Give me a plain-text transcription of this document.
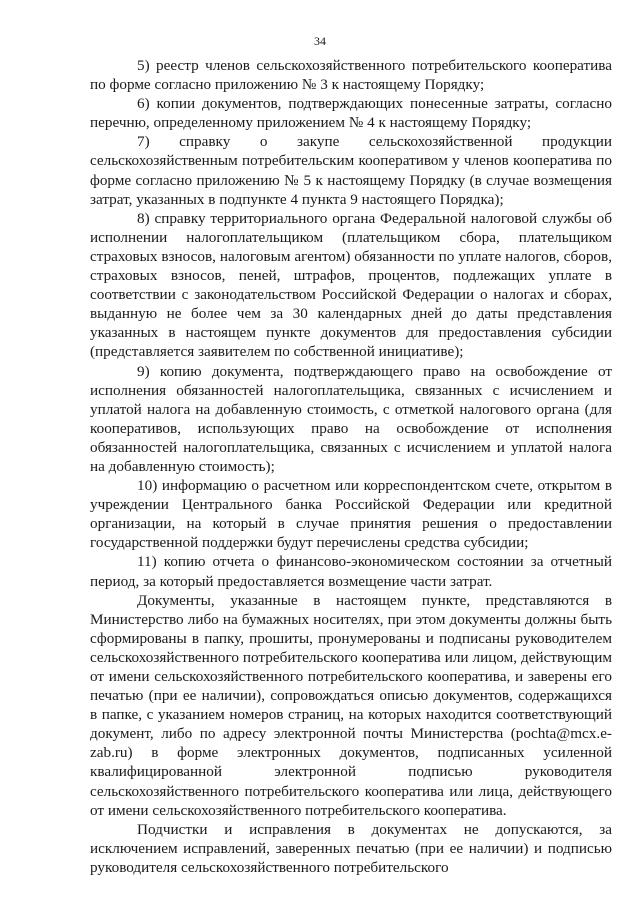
34

5) реестр членов сельскохозяйственного потребительского кооператива по форме согласно приложению № 3 к настоящему Порядку;

6) копии документов, подтверждающих понесенные затраты, согласно перечню, определенному приложением № 4 к настоящему Порядку;

7) справку о закупе сельскохозяйственной продукции сельскохозяйственным потребительским кооперативом у членов кооператива по форме согласно приложению № 5 к настоящему Порядку (в случае возмещения затрат, указанных в подпункте 4 пункта 9 настоящего Порядка);

8) справку территориального органа Федеральной налоговой службы об исполнении налогоплательщиком (плательщиком сбора, плательщиком страховых взносов, налоговым агентом) обязанности по уплате налогов, сборов, страховых взносов, пеней, штрафов, процентов, подлежащих уплате в соответствии с законодательством Российской Федерации о налогах и сборах, выданную не более чем за 30 календарных дней до даты представления указанных в настоящем пункте документов для предоставления субсидии (представляется заявителем по собственной инициативе);

9) копию документа, подтверждающего право на освобождение от исполнения обязанностей налогоплательщика, связанных с исчислением и уплатой налога на добавленную стоимость, с отметкой налогового органа (для кооперативов, использующих право на освобождение от исполнения обязанностей налогоплательщика, связанных с исчислением и уплатой налога на добавленную стоимость);

10) информацию о расчетном или корреспондентском счете, открытом в учреждении Центрального банка Российской Федерации или кредитной организации, на который в случае принятия решения о предоставлении государственной поддержки будут перечислены средства субсидии;

11) копию отчета о финансово-экономическом состоянии за отчетный период, за который предоставляется возмещение части затрат.

Документы, указанные в настоящем пункте, представляются в Министерство либо на бумажных носителях, при этом документы должны быть сформированы в папку, прошиты, пронумерованы и подписаны руководителем сельскохозяйственного потребительского кооператива или лицом, действующим от имени сельскохозяйственного потребительского кооператива, и заверены его печатью (при ее наличии), сопровождаться описью документов, содержащихся в папке, с указанием номеров страниц, на которых находится соответствующий документ, либо по адресу электронной почты Министерства (pochta@mcx.e-zab.ru) в форме электронных документов, подписанных усиленной квалифицированной электронной подписью руководителя сельскохозяйственного потребительского кооператива или лица, действующего от имени сельскохозяйственного потребительского кооператива.

Подчистки и исправления в документах не допускаются, за исключением исправлений, заверенных печатью (при ее наличии) и подписью руководителя сельскохозяйственного потребительского
